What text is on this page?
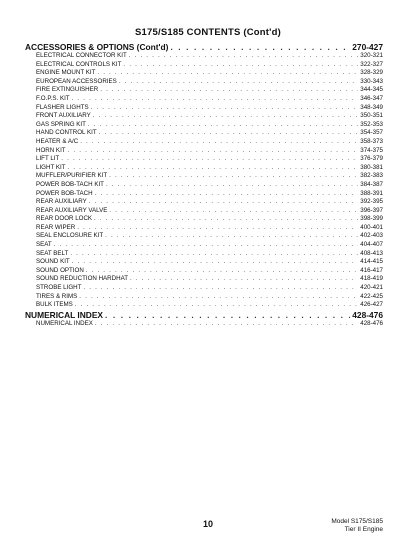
S175/S185 CONTENTS (Cont'd)
ACCESSORIES & OPTIONS (Cont'd) . . .	270-427
ELECTRICAL CONNECTOR KIT . . .	320-321
ELECTRICAL CONTROLS KIT . . .	322-327
ENGINE MOUNT KIT . . .	328-329
EUROPEAN ACCESSORIES . . .	330-343
FIRE EXTINGUISHER . . .	344-345
F.O.P.S. KIT . . .	346-347
FLASHER LIGHTS . . .	348-349
FRONT AUXILIARY . . .	350-351
GAS SPRING KIT . . .	352-353
HAND CONTROL KIT . . .	354-357
HEATER & A/C . . .	358-373
HORN KIT . . .	374-375
LIFT LIT . . .	376-379
LIGHT KIT . . .	380-381
MUFFLER/PURIFIER KIT . . .	382-383
POWER BOB-TACH KIT . . .	384-387
POWER BOB-TACH . . .	388-391
REAR AUXILIARY . . .	392-395
REAR AUXILIARY VALVE . . .	396-397
REAR DOOR LOCK . . .	398-399
REAR WIPER . . .	400-401
SEAL ENCLOSURE KIT . . .	402-403
SEAT . . .	404-407
SEAT BELT . . .	408-413
SOUND KIT . . .	414-415
SOUND OPTION . . .	416-417
SOUND REDUCTION HARDHAT . . .	418-419
STROBE LIGHT . . .	420-421
TIRES & RIMS . . .	422-425
BULK ITEMS . . .	426-427
NUMERICAL INDEX . . .	428-476
NUMERICAL INDEX . . .	428-476
10	Model S175/S185
Tier II Engine
